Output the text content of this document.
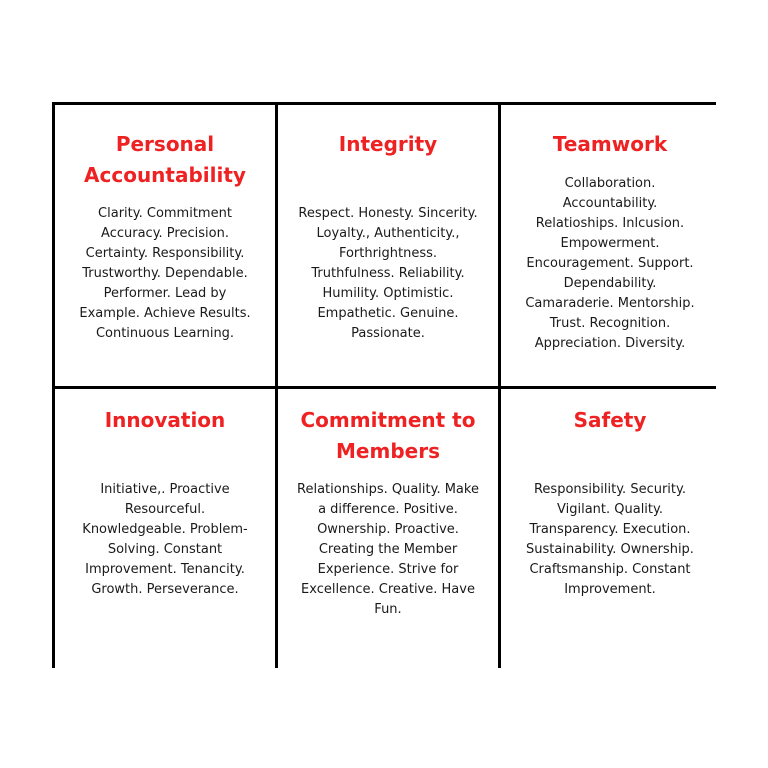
Personal
Accountability
Clarity. Commitment
Accuracy. Precision.
Certainty. Responsibility.
Trustworthy. Dependable.
Performer. Lead by
Example. Achieve Results.
Continuous Learning.
Integrity
Respect. Honesty. Sincerity.
Loyalty., Authenticity.,
Forthrightness.
Truthfulness. Reliability.
Humility. Optimistic.
Empathetic. Genuine.
Passionate.
Teamwork
Collaboration.
Accountability.
Relatioships. Inlcusion.
Empowerment.
Encouragement. Support.
Dependability.
Camaraderie. Mentorship.
Trust. Recognition.
Appreciation. Diversity.
Innovation
Initiative,. Proactive
Resourceful.
Knowledgeable. Problem-
Solving. Constant
Improvement. Tenancity.
Growth. Perseverance.
Commitment to
Members
Relationships. Quality. Make
a difference. Positive.
Ownership. Proactive.
Creating the Member
Experience. Strive for
Excellence. Creative. Have
Fun.
Safety
Responsibility. Security.
Vigilant. Quality.
Transparency. Execution.
Sustainability. Ownership.
Craftsmanship. Constant
Improvement.
